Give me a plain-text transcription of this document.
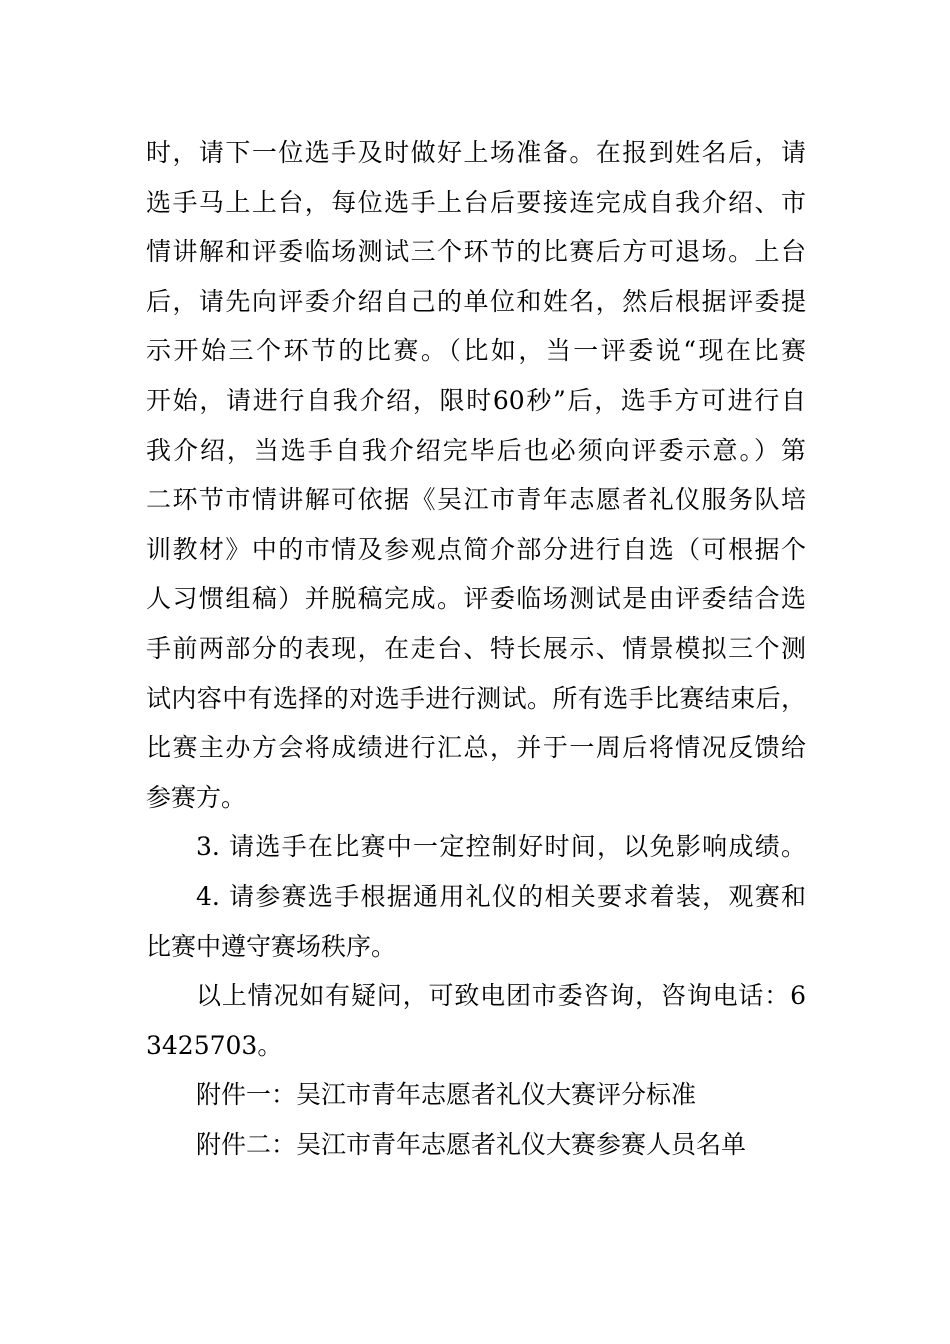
时，请下一位选手及时做好上场准备。在报到姓名后，请
选手马上上台，每位选手上台后要接连完成自我介绍、市
情讲解和评委临场测试三个环节的比赛后方可退场。上台
后，请先向评委介绍自己的单位和姓名，然后根据评委提
示开始三个环节的比赛。（比如，当一评委说“现在比赛
开始，请进行自我介绍，限时60秒”后，选手方可进行自
我介绍，当选手自我介绍完毕后也必须向评委示意。）第
二环节市情讲解可依据《吴江市青年志愿者礼仪服务队培
训教材》中的市情及参观点简介部分进行自选（可根据个
人习惯组稿）并脱稿完成。评委临场测试是由评委结合选
手前两部分的表现，在走台、特长展示、情景模拟三个测
试内容中有选择的对选手进行测试。所有选手比赛结束后，
比赛主办方会将成绩进行汇总，并于一周后将情况反馈给
参赛方。
3. 请选手在比赛中一定控制好时间，以免影响成绩。
4. 请参赛选手根据通用礼仪的相关要求着装，观赛和
比赛中遵守赛场秩序。
以上情况如有疑问，可致电团市委咨询，咨询电话：6
3425703。
附件一：吴江市青年志愿者礼仪大赛评分标准
附件二：吴江市青年志愿者礼仪大赛参赛人员名单
